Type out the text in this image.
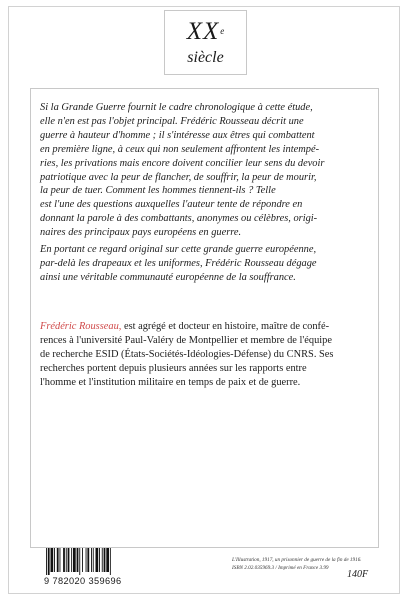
XXe
siècle
Si la Grande Guerre fournit le cadre chronologique à cette étude,
elle n'en est pas l'objet principal. Frédéric Rousseau décrit une
guerre à hauteur d'homme ; il s'intéresse aux êtres qui combattent
en première ligne, à ceux qui non seulement affrontent les intempé-
ries, les privations mais encore doivent concilier leur sens du devoir
patriotique avec la peur de flancher, de souffrir, la peur de mourir,
la peur de tuer. Comment les hommes tiennent-ils ? Telle
est l'une des questions auxquelles l'auteur tente de répondre en
donnant la parole à des combattants, anonymes ou célèbres, origi-
naires des principaux pays européens en guerre.
En portant ce regard original sur cette grande guerre européenne,
par-delà les drapeaux et les uniformes, Frédéric Rousseau dégage
ainsi une véritable communauté européenne de la souffrance.
Frédéric Rousseau, est agrégé et docteur en histoire, maître de confé-
rences à l'université Paul-Valéry de Montpellier et membre de l'équipe
de recherche ESID (États-Sociétés-Idéologies-Défense) du CNRS. Ses
recherches portent depuis plusieurs années sur les rapports entre
l'homme et l'institution militaire en temps de paix et de guerre.
9 782020 359696
L'Illustration, 1917, un prisonnier de guerre de la fin de 1916.
ISBN 2.02.035969.3 / Imprimé en France 3.99
140F
